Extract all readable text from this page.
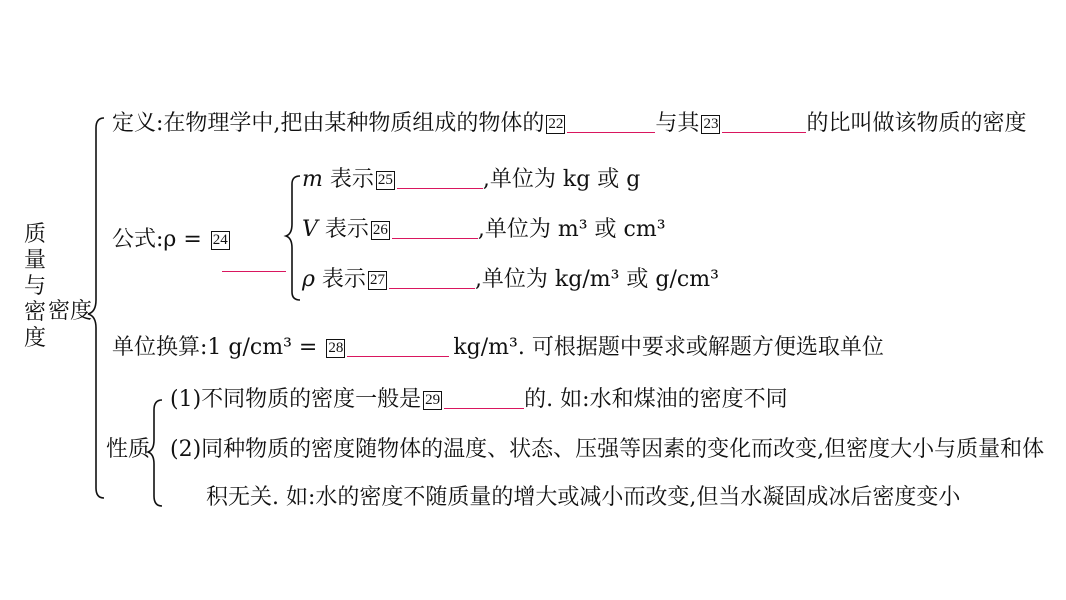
质
量
与
密
度
密度
定义:在物理学中,把由某种物质组成的物体的 22	与其 23	的比叫做该物质的密度
公式:ρ = 24
m 表示 25	,单位为 kg 或 g
V 表示 26	,单位为 m³ 或 cm³
ρ 表示 27	,单位为 kg/m³ 或 g/cm³
单位换算:1 g/cm³ = 28	kg/m³. 可根据题中要求或解题方便选取单位
性质
(1)不同物质的密度一般是 29	的. 如:水和煤油的密度不同
(2)同种物质的密度随物体的温度、状态、压强等因素的变化而改变,但密度大小与质量和体
积无关. 如:水的密度不随质量的增大或减小而改变,但当水凝固成冰后密度变小
